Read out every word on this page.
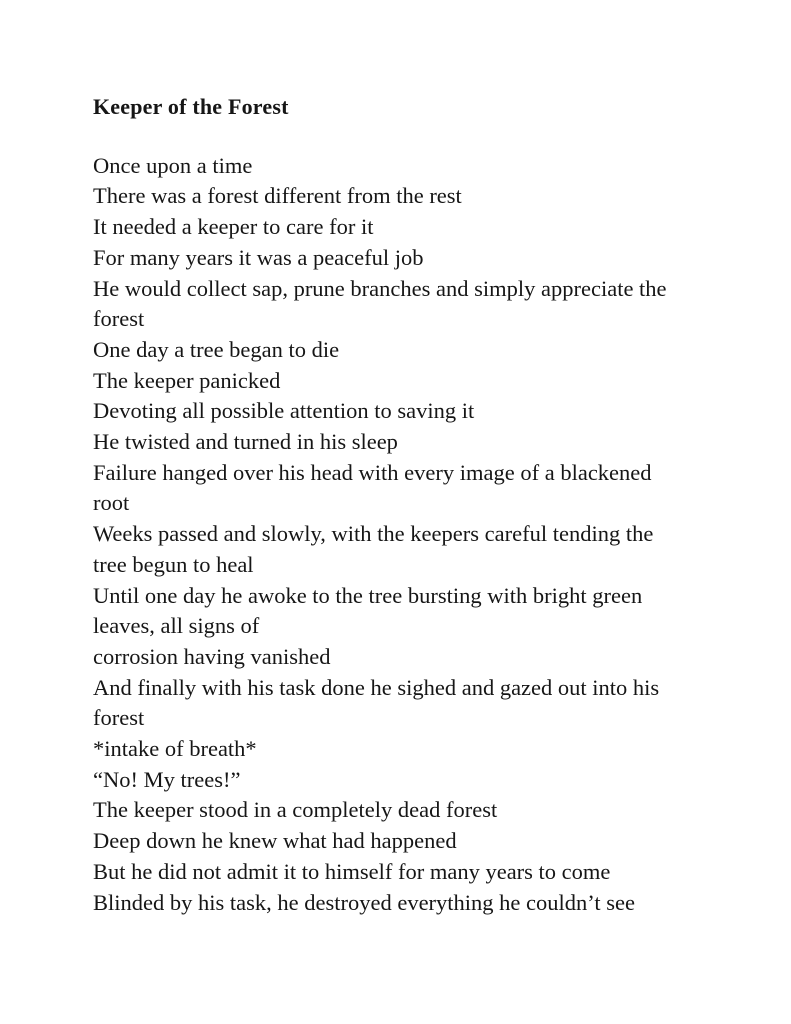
Keeper of the Forest
Once upon a time
There was a forest different from the rest
It needed a keeper to care for it
For many years it was a peaceful job
He would collect sap, prune branches and simply appreciate the
forest
One day a tree began to die
The keeper panicked
Devoting all possible attention to saving it
He twisted and turned in his sleep
Failure hanged over his head with every image of a blackened
root
Weeks passed and slowly, with the keepers careful tending the
tree begun to heal
Until one day he awoke to the tree bursting with bright green
leaves, all signs of
corrosion having vanished
And finally with his task done he sighed and gazed out into his
forest
*intake of breath*
“No! My trees!”
The keeper stood in a completely dead forest
Deep down he knew what had happened
But he did not admit it to himself for many years to come
Blinded by his task, he destroyed everything he couldn’t see
